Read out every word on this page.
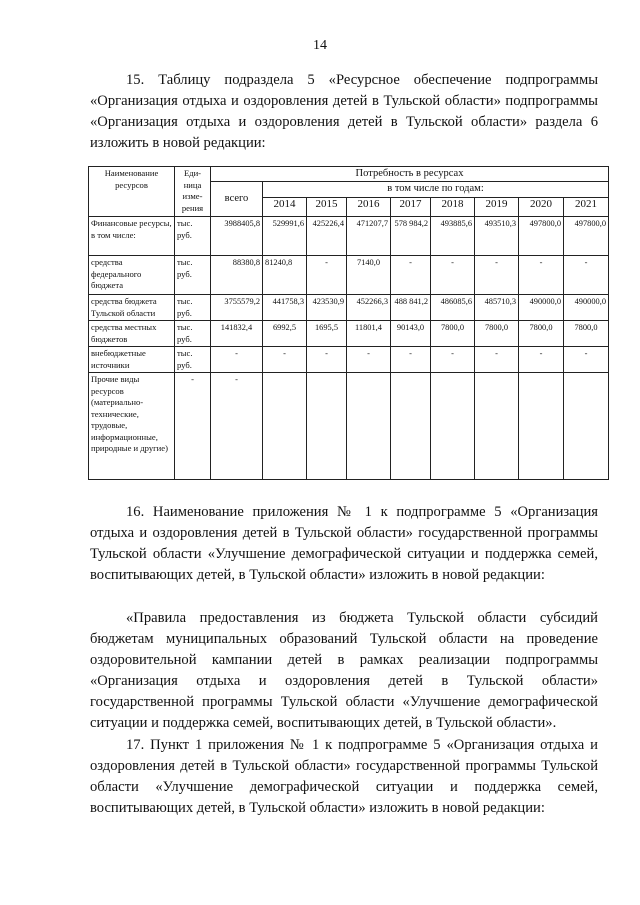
14

15. Таблицу подраздела 5 «Ресурсное обеспечение подпрограммы «Организация отдыха и оздоровления детей в Тульской области» подпрограммы «Организация отдыха и оздоровления детей в Тульской области» раздела 6 изложить в новой редакции:

Наименование ресурсов	Еди-ница изме-рения	Потребность в ресурсах								
		всего	в том числе по годам:							
			2014	2015	2016	2017	2018	2019	2020	2021
Финансовые ресурсы, в том числе:	тыс. руб.	3988405,8	529991,6	425226,4	471207,7	578 984,2	493885,6	493510,3	497800,0	497800,0
средства федерального бюджета	тыс. руб.	88380,8	81240,8	-	7140,0	-	-	-	-	-
средства бюджета Тульской области	тыс. руб.	3755579,2	441758,3	423530,9	452266,3	488 841,2	486085,6	485710,3	490000,0	490000,0
средства местных бюджетов	тыс. руб.	141832,4	6992,5	1695,5	11801,4	90143,0	7800,0	7800,0	7800,0	7800,0
внебюджетные источники	тыс. руб.	-	-	-	-	-	-	-	-	-
Прочие виды ресурсов (материально-технические, трудовые, информационные, природные и другие)	-	-								

16. Наименование приложения № 1 к подпрограмме 5 «Организация отдыха и оздоровления детей в Тульской области» государственной программы Тульской области «Улучшение демографической ситуации и поддержка семей, воспитывающих детей, в Тульской области» изложить в новой редакции:

«Правила предоставления из бюджета Тульской области субсидий бюджетам муниципальных образований Тульской области на проведение оздоровительной кампании детей в рамках реализации подпрограммы «Организация отдыха и оздоровления детей в Тульской области» государственной программы Тульской области «Улучшение демографической ситуации и поддержка семей, воспитывающих детей, в Тульской области».

17. Пункт 1 приложения № 1 к подпрограмме 5 «Организация отдыха и оздоровления детей в Тульской области» государственной программы Тульской области «Улучшение демографической ситуации и поддержка семей, воспитывающих детей, в Тульской области» изложить в новой редакции:
